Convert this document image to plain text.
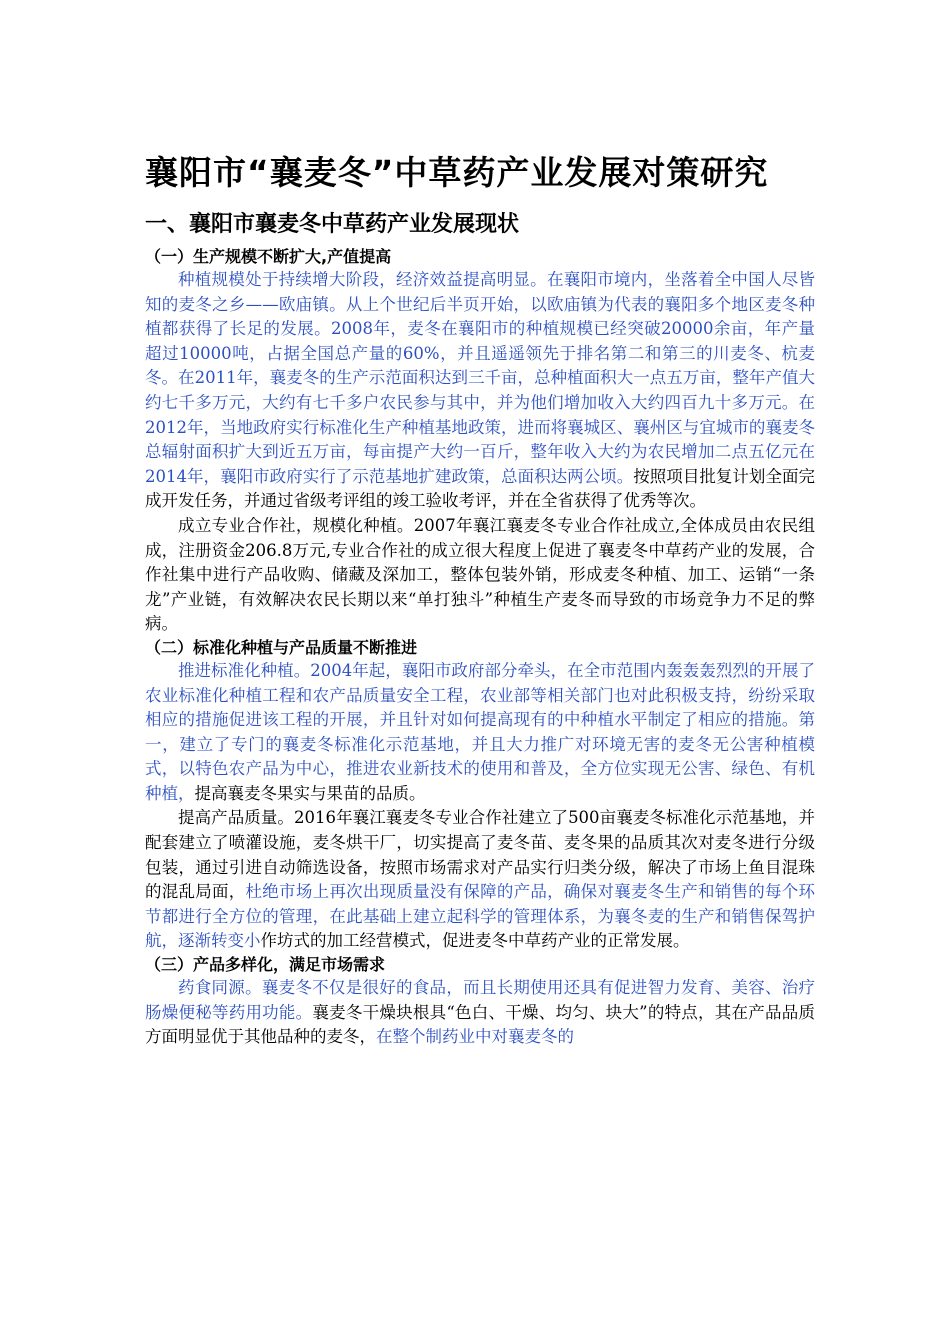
襄阳市“襄麦冬”中草药产业发展对策研究
一、襄阳市襄麦冬中草药产业发展现状
（一）生产规模不断扩大,产值提高

种植规模处于持续增大阶段，经济效益提高明显。在襄阳市境内，坐落着全中国人尽皆知的麦冬之乡——欧庙镇。从上个世纪后半页开始，以欧庙镇为代表的襄阳多个地区麦冬种植都获得了长足的发展。2008年，麦冬在襄阳市的种植规模已经突破20000余亩，年产量超过10000吨，占据全国总产量的60%，并且遥遥领先于排名第二和第三的川麦冬、杭麦冬。在2011年，襄麦冬的生产示范面积达到三千亩，总种植面积大一点五万亩，整年产值大约七千多万元，大约有七千多户农民参与其中，并为他们增加收入大约四百九十多万元。在2012年，当地政府实行标准化生产种植基地政策，进而将襄城区、襄州区与宜城市的襄麦冬总辐射面积扩大到近五万亩，每亩提产大约一百斤，整年收入大约为农民增加二点五亿元在2014年，襄阳市政府实行了示范基地扩建政策，总面积达两公顷。按照项目批复计划全面完成开发任务，并通过省级考评组的竣工验收考评，并在全省获得了优秀等次。

成立专业合作社，规模化种植。2007年襄江襄麦冬专业合作社成立,全体成员由农民组成，注册资金206.8万元,专业合作社的成立很大程度上促进了襄麦冬中草药产业的发展，合作社集中进行产品收购、储藏及深加工，整体包装外销，形成麦冬种植、加工、运销“一条龙”产业链，有效解决农民长期以来“单打独斗”种植生产麦冬而导致的市场竞争力不足的弊病。

（二）标准化种植与产品质量不断推进

推进标准化种植。2004年起，襄阳市政府部分牵头，在全市范围内轰轰轰烈烈的开展了农业标准化种植工程和农产品质量安全工程，农业部等相关部门也对此积极支持，纷纷采取相应的措施促进该工程的开展，并且针对如何提高现有的中种植水平制定了相应的措施。第一，建立了专门的襄麦冬标准化示范基地，并且大力推广对环境无害的麦冬无公害种植模式，以特色农产品为中心，推进农业新技术的使用和普及，全方位实现无公害、绿色、有机种植，提高襄麦冬果实与果苗的品质。

提高产品质量。2016年襄江襄麦冬专业合作社建立了500亩襄麦冬标准化示范基地，并配套建立了喷灌设施，麦冬烘干厂，切实提高了麦冬苗、麦冬果的品质其次对麦冬进行分级包装，通过引进自动筛选设备，按照市场需求对产品实行归类分级，解决了市场上鱼目混珠的混乱局面，杜绝市场上再次出现质量没有保障的产品，确保对襄麦冬生产和销售的每个环节都进行全方位的管理，在此基础上建立起科学的管理体系，为襄冬麦的生产和销售保驾护航，逐渐转变小作坊式的加工经营模式，促进麦冬中草药产业的正常发展。

（三）产品多样化，满足市场需求

药食同源。襄麦冬不仅是很好的食品，而且长期使用还具有促进智力发育、美容、治疗肠燥便秘等药用功能。襄麦冬干燥块根具“色白、干燥、均匀、块大”的特点，其在产品品质方面明显优于其他品种的麦冬，在整个制药业中对襄麦冬的
